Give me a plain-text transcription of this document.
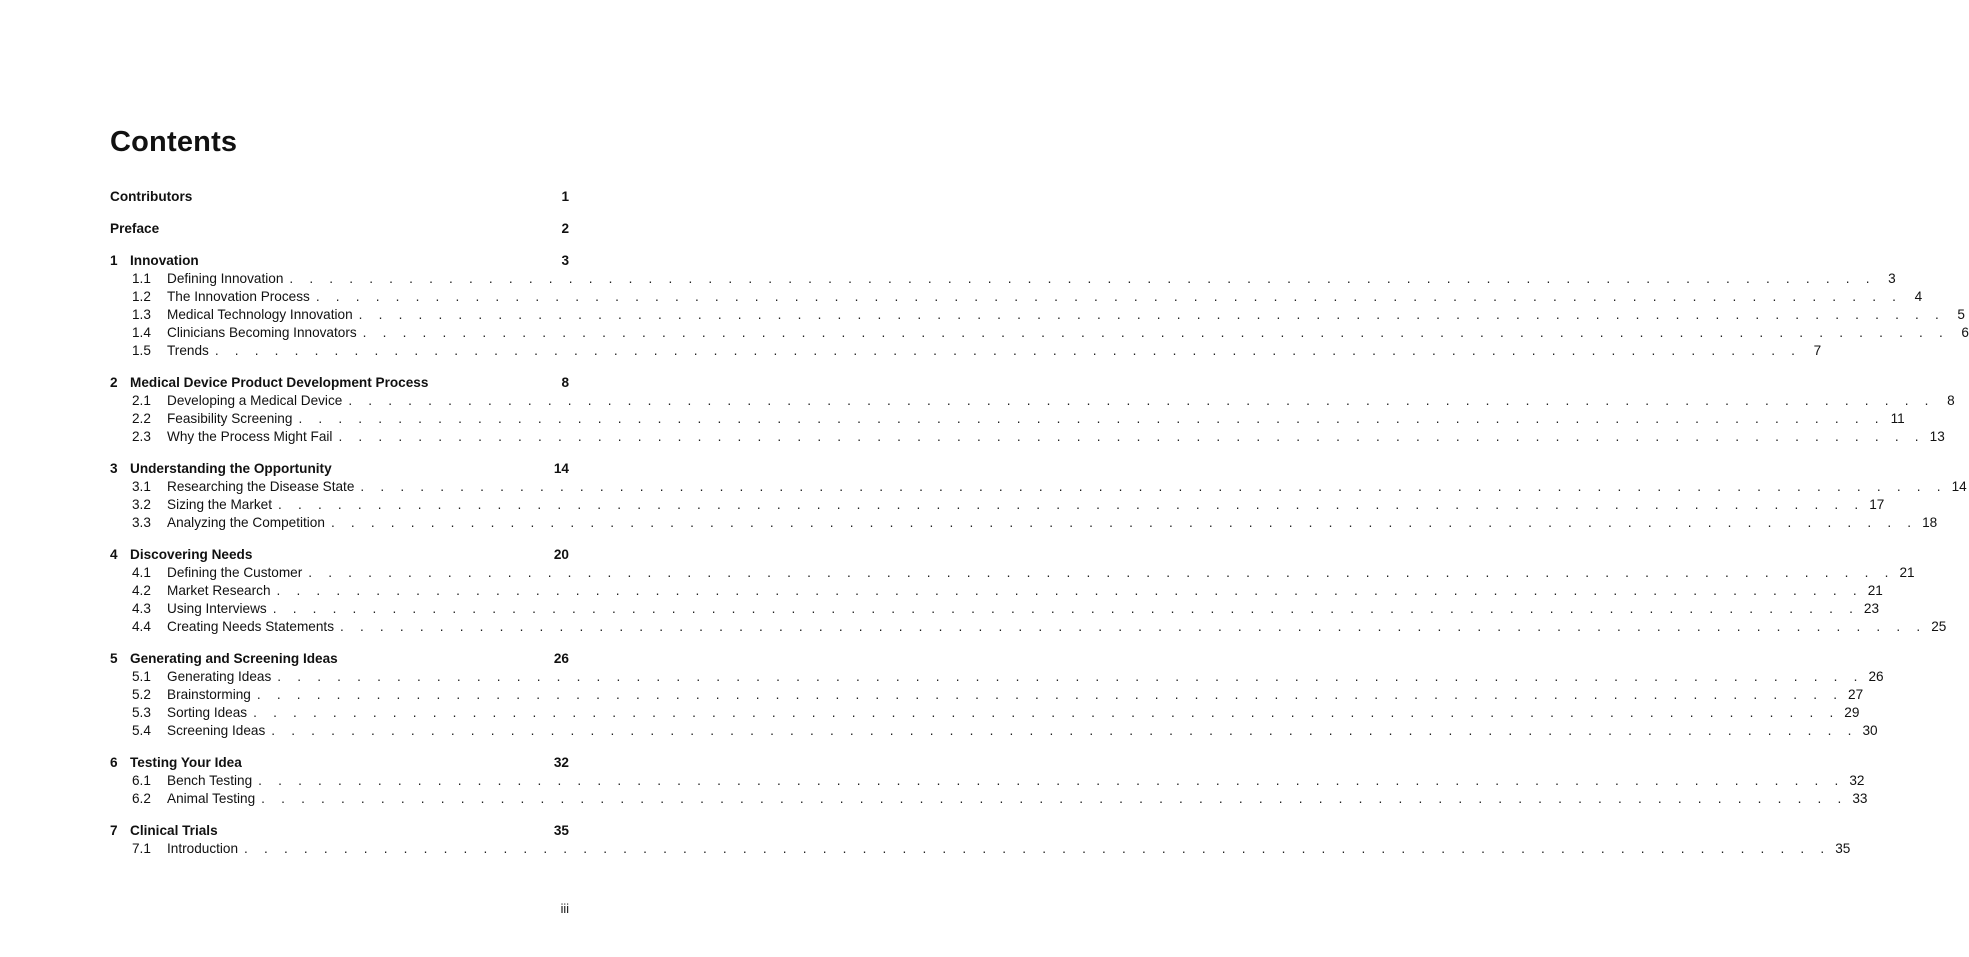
Contents
Contributors	1
Preface	2
1 Innovation	3
1.1	Defining Innovation . . . . . . . . . . . . . . . . . . . . . . . . . . . . . . . . . . . . . . . . . . . . . . . . . . . . . . . . . . . . . . . . . . . . . . . . . . . . . . . . 3
1.2	The Innovation Process . . . . . . . . . . . . . . . . . . . . . . . . . . . . . . . . . . . . . . . . . . . . . . . . . . . . . . . . . . . . . . . . . . . . . . . . . . . . . . . . 4
1.3	Medical Technology Innovation . . . . . . . . . . . . . . . . . . . . . . . . . . . . . . . . . . . . . . . . . . . . . . . . . . . . . . . . . . . . . . . . . . . . . . . . . . . . . . . . 5
1.4	Clinicians Becoming Innovators . . . . . . . . . . . . . . . . . . . . . . . . . . . . . . . . . . . . . . . . . . . . . . . . . . . . . . . . . . . . . . . . . . . . . . . . . . . . . . . . 6
1.5	Trends . . . . . . . . . . . . . . . . . . . . . . . . . . . . . . . . . . . . . . . . . . . . . . . . . . . . . . . . . . . . . . . . . . . . . . . . . . . . . . . . 7
2 Medical Device Product Development Process	8
2.1	Developing a Medical Device . . . . . . . . . . . . . . . . . . . . . . . . . . . . . . . . . . . . . . . . . . . . . . . . . . . . . . . . . . . . . . . . . . . . . . . . . . . . . . . . 8
2.2	Feasibility Screening . . . . . . . . . . . . . . . . . . . . . . . . . . . . . . . . . . . . . . . . . . . . . . . . . . . . . . . . . . . . . . . . . . . . . . . . . . . . . . . . 11
2.3	Why the Process Might Fail . . . . . . . . . . . . . . . . . . . . . . . . . . . . . . . . . . . . . . . . . . . . . . . . . . . . . . . . . . . . . . . . . . . . . . . . . . . . . . . . 13
3 Understanding the Opportunity	14
3.1	Researching the Disease State . . . . . . . . . . . . . . . . . . . . . . . . . . . . . . . . . . . . . . . . . . . . . . . . . . . . . . . . . . . . . . . . . . . . . . . . . . . . . . . . 14
3.2	Sizing the Market . . . . . . . . . . . . . . . . . . . . . . . . . . . . . . . . . . . . . . . . . . . . . . . . . . . . . . . . . . . . . . . . . . . . . . . . . . . . . . . . 17
3.3	Analyzing the Competition . . . . . . . . . . . . . . . . . . . . . . . . . . . . . . . . . . . . . . . . . . . . . . . . . . . . . . . . . . . . . . . . . . . . . . . . . . . . . . . . 18
4 Discovering Needs	20
4.1	Defining the Customer . . . . . . . . . . . . . . . . . . . . . . . . . . . . . . . . . . . . . . . . . . . . . . . . . . . . . . . . . . . . . . . . . . . . . . . . . . . . . . . . 21
4.2	Market Research . . . . . . . . . . . . . . . . . . . . . . . . . . . . . . . . . . . . . . . . . . . . . . . . . . . . . . . . . . . . . . . . . . . . . . . . . . . . . . . . 21
4.3	Using Interviews . . . . . . . . . . . . . . . . . . . . . . . . . . . . . . . . . . . . . . . . . . . . . . . . . . . . . . . . . . . . . . . . . . . . . . . . . . . . . . . . 23
4.4	Creating Needs Statements . . . . . . . . . . . . . . . . . . . . . . . . . . . . . . . . . . . . . . . . . . . . . . . . . . . . . . . . . . . . . . . . . . . . . . . . . . . . . . . . 25
5 Generating and Screening Ideas	26
5.1	Generating Ideas . . . . . . . . . . . . . . . . . . . . . . . . . . . . . . . . . . . . . . . . . . . . . . . . . . . . . . . . . . . . . . . . . . . . . . . . . . . . . . . . 26
5.2	Brainstorming . . . . . . . . . . . . . . . . . . . . . . . . . . . . . . . . . . . . . . . . . . . . . . . . . . . . . . . . . . . . . . . . . . . . . . . . . . . . . . . . 27
5.3	Sorting Ideas . . . . . . . . . . . . . . . . . . . . . . . . . . . . . . . . . . . . . . . . . . . . . . . . . . . . . . . . . . . . . . . . . . . . . . . . . . . . . . . . 29
5.4	Screening Ideas . . . . . . . . . . . . . . . . . . . . . . . . . . . . . . . . . . . . . . . . . . . . . . . . . . . . . . . . . . . . . . . . . . . . . . . . . . . . . . . . 30
6 Testing Your Idea	32
6.1	Bench Testing . . . . . . . . . . . . . . . . . . . . . . . . . . . . . . . . . . . . . . . . . . . . . . . . . . . . . . . . . . . . . . . . . . . . . . . . . . . . . . . . 32
6.2	Animal Testing . . . . . . . . . . . . . . . . . . . . . . . . . . . . . . . . . . . . . . . . . . . . . . . . . . . . . . . . . . . . . . . . . . . . . . . . . . . . . . . . 33
7 Clinical Trials	35
7.1	Introduction . . . . . . . . . . . . . . . . . . . . . . . . . . . . . . . . . . . . . . . . . . . . . . . . . . . . . . . . . . . . . . . . . . . . . . . . . . . . . . . . 35
iii
